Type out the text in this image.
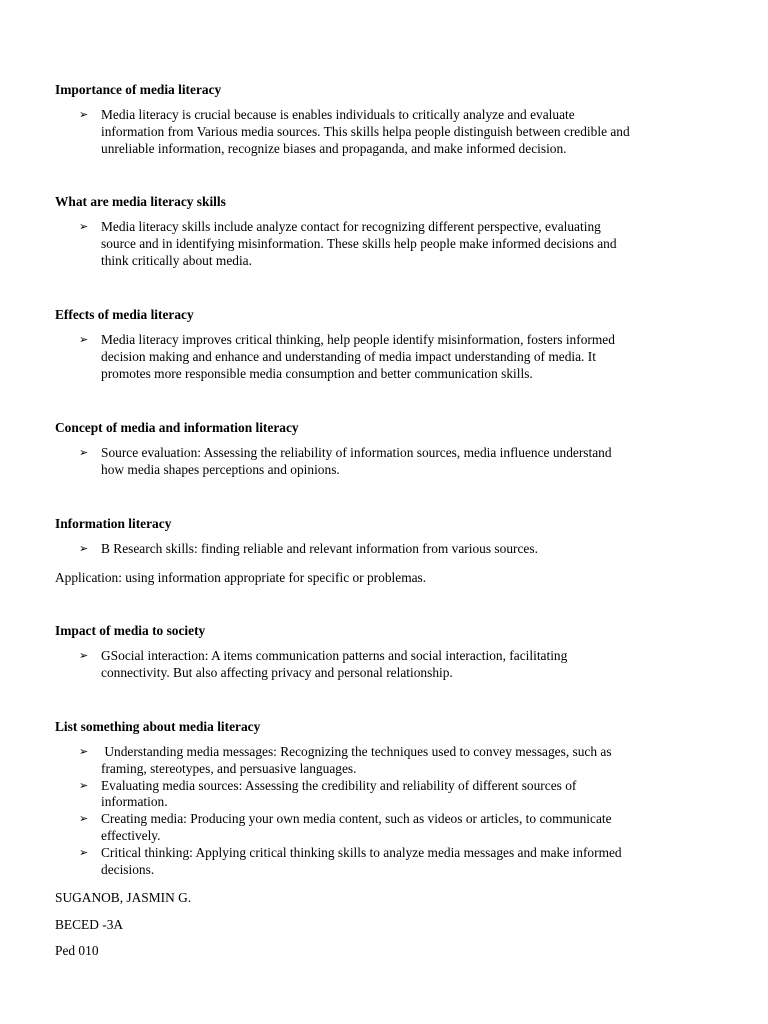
Importance of media literacy

➢ Media literacy is crucial because is enables individuals to critically analyze and evaluate
information from Various media sources. This skills helpa people distinguish between credible and
unreliable information, recognize biases and propaganda, and make informed decision.

What are media literacy skills

➢ Media literacy skills include analyze contact for recognizing different perspective, evaluating
source and in identifying misinformation. These skills help people make informed decisions and
think critically about media.

Effects of media literacy

➢ Media literacy improves critical thinking, help people identify misinformation, fosters informed
decision making and enhance and understanding of media impact understanding of media. It
promotes more responsible media consumption and better communication skills.

Concept of media and information literacy

➢ Source evaluation: Assessing the reliability of information sources, media influence understand
how media shapes perceptions and opinions.

Information literacy

➢ B Research skills: finding reliable and relevant information from various sources.
Application: using information appropriate for specific or problemas.

Impact of media to society

➢ GSocial interaction: A items communication patterns and social interaction, facilitating
connectivity. But also affecting privacy and personal relationship.

List something about media literacy

➢ Understanding media messages: Recognizing the techniques used to convey messages, such as
framing, stereotypes, and persuasive languages.
➢ Evaluating media sources: Assessing the credibility and reliability of different sources of
information.
➢ Creating media: Producing your own media content, such as videos or articles, to communicate
effectively.
➢ Critical thinking: Applying critical thinking skills to analyze media messages and make informed
decisions.
SUGANOB, JASMIN G.
BECED -3A
Ped 010
